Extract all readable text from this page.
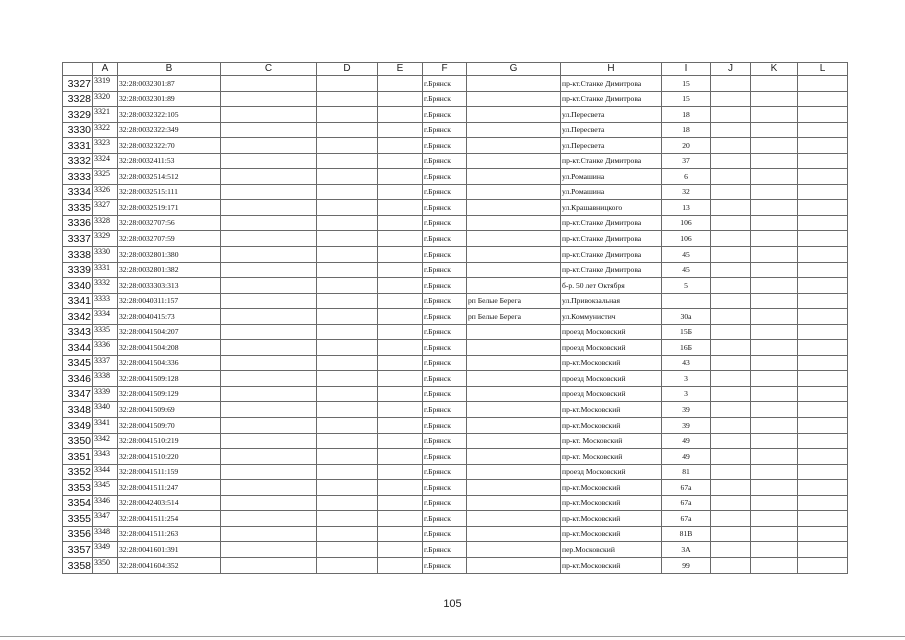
	A	B	C	D	E	F	G	H	I	J	K	L
3327	3319	32:28:0032301:87				г.Брянск		пр-кт.Станке Димитрова	15			
3328	3320	32:28:0032301:89				г.Брянск		пр-кт.Станке Димитрова	15			
3329	3321	32:28:0032322:105				г.Брянск		ул.Пересвета	18			
3330	3322	32:28:0032322:349				г.Брянск		ул.Пересвета	18			
3331	3323	32:28:0032322:70				г.Брянск		ул.Пересвета	20			
3332	3324	32:28:0032411:53				г.Брянск		пр-кт.Станке Димитрова	37			
3333	3325	32:28:0032514:512				г.Брянск		ул.Ромашина	6			
3334	3326	32:28:0032515:111				г.Брянск		ул.Ромашина	32			
3335	3327	32:28:0032519:171				г.Брянск		ул.Крашавницкого	13			
3336	3328	32:28:0032707:56				г.Брянск		пр-кт.Станке Димитрова	106			
3337	3329	32:28:0032707:59				г.Брянск		пр-кт.Станке Димитрова	106			
3338	3330	32:28:0032801:380				г.Брянск		пр-кт.Станке Димитрова	45			
3339	3331	32:28:0032801:382				г.Брянск		пр-кт.Станке Димитрова	45			
3340	3332	32:28:0033303:313				г.Брянск		б-р. 50 лет Октября	5			
3341	3333	32:28:0040311:157				г.Брянск	рп Белые Берега	ул.Привокзальная				
3342	3334	32:28:0040415:73				г.Брянск	рп Белые Берега	ул.Коммунистич	30а			
3343	3335	32:28:0041504:207				г.Брянск		проезд Московский	15Б			
3344	3336	32:28:0041504:208				г.Брянск		проезд Московский	16Б			
3345	3337	32:28:0041504:336				г.Брянск		пр-кт.Московский	43			
3346	3338	32:28:0041509:128				г.Брянск		проезд Московский	3			
3347	3339	32:28:0041509:129				г.Брянск		проезд Московский	3			
3348	3340	32:28:0041509:69				г.Брянск		пр-кт.Московский	39			
3349	3341	32:28:0041509:70				г.Брянск		пр-кт.Московский	39			
3350	3342	32:28:0041510:219				г.Брянск		пр-кт. Московский	49			
3351	3343	32:28:0041510:220				г.Брянск		пр-кт. Московский	49			
3352	3344	32:28:0041511:159				г.Брянск		проезд Московский	81			
3353	3345	32:28:0041511:247				г.Брянск		пр-кт.Московский	67а			
3354	3346	32:28:0042403:514				г.Брянск		пр-кт.Московский	67а			
3355	3347	32:28:0041511:254				г.Брянск		пр-кт.Московский	67а			
3356	3348	32:28:0041511:263				г.Брянск		пр-кт.Московский	81В			
3357	3349	32:28:0041601:391				г.Брянск		пер.Московский	3А			
3358	3350	32:28:0041604:352				г.Брянск		пр-кт.Московский	99			
105
